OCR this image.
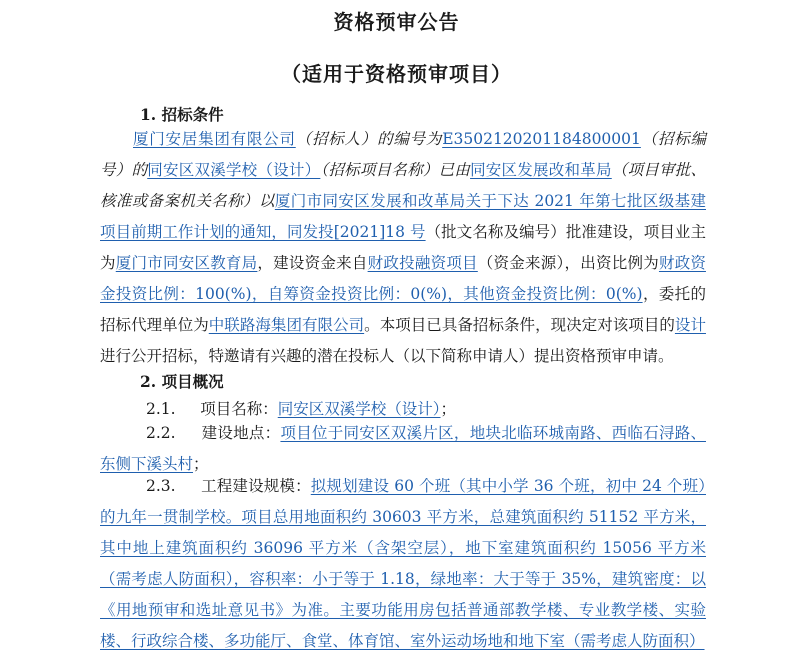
资格预审公告
（适用于资格预审项目）
1. 招标条件
厦门安居集团有限公司（招标人）的编号为E3502120201184800001（招标编号）的同安区双溪学校（设计）（招标项目名称）已由同安区发展改和革局（项目审批、核准或备案机关名称）以厦门市同安区发展和改革局关于下达 2021 年第七批区级基建项目前期工作计划的通知，同发投[2021]18 号（批文名称及编号）批准建设，项目业主为厦门市同安区教育局，建设资金来自财政投融资项目（资金来源），出资比例为财政资金投资比例：100(%)，自筹资金投资比例：0(%)，其他资金投资比例：0(%)，委托的招标代理单位为中联路海集团有限公司。本项目已具备招标条件，现决定对该项目的设计进行公开招标，特邀请有兴趣的潜在投标人（以下简称申请人）提出资格预审申请。
2. 项目概况
2.1. 项目名称：同安区双溪学校（设计）；
2.2. 建设地点：项目位于同安区双溪片区，地块北临环城南路、西临石浔路、东侧下溪头村；
2.3. 工程建设规模：拟规划建设 60 个班（其中小学 36 个班，初中 24 个班）的九年一贯制学校。项目总用地面积约 30603 平方米，总建筑面积约 51152 平方米，其中地上建筑面积约 36096 平方米（含架空层），地下室建筑面积约 15056 平方米（需考虑人防面积），容积率：小于等于 1.18，绿地率：大于等于 35%，建筑密度：以《用地预审和选址意见书》为准。主要功能用房包括普通部教学楼、专业教学楼、实验楼、行政综合楼、多功能厅、食堂、体育馆、室外运动场地和地下室（需考虑人防面积）
